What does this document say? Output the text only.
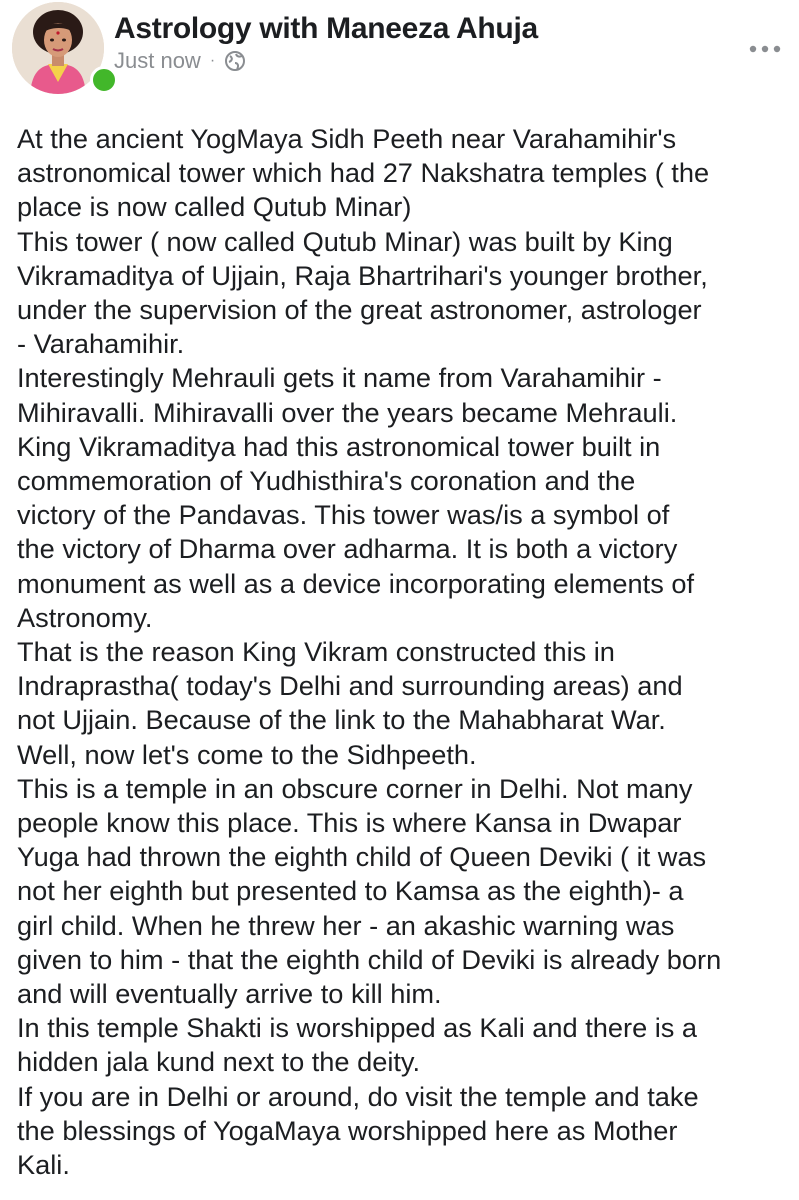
Astrology with Maneeza Ahuja
Just now ·

At the ancient YogMaya Sidh Peeth near Varahamihir's

astronomical tower which had 27 Nakshatra temples ( the

place is now called Qutub Minar)

This tower ( now called Qutub Minar) was built by King

Vikramaditya of Ujjain, Raja Bhartrihari's younger brother,

under the supervision of the great astronomer, astrologer

- Varahamihir.

Interestingly Mehrauli gets it name from Varahamihir -

Mihiravalli. Mihiravalli over the years became Mehrauli.

King Vikramaditya had this astronomical tower built in

commemoration of Yudhisthira's coronation and the

victory of the Pandavas. This tower was/is a symbol of

the victory of Dharma over adharma. It is both a victory

monument as well as a device incorporating elements of

Astronomy.

That is the reason King Vikram constructed this in

Indraprastha( today's Delhi and surrounding areas) and

not Ujjain. Because of the link to the Mahabharat War.

Well, now let's come to the Sidhpeeth.

This is a temple in an obscure corner in Delhi. Not many

people know this place. This is where Kansa in Dwapar

Yuga had thrown the eighth child of Queen Deviki ( it was

not her eighth but presented to Kamsa as the eighth)- a

girl child. When he threw her - an akashic warning was

given to him - that the eighth child of Deviki is already born

and will eventually arrive to kill him.

In this temple Shakti is worshipped as Kali and there is a

hidden jala kund next to the deity.

If you are in Delhi or around, do visit the temple and take

the blessings of YogaMaya worshipped here as Mother

Kali.
